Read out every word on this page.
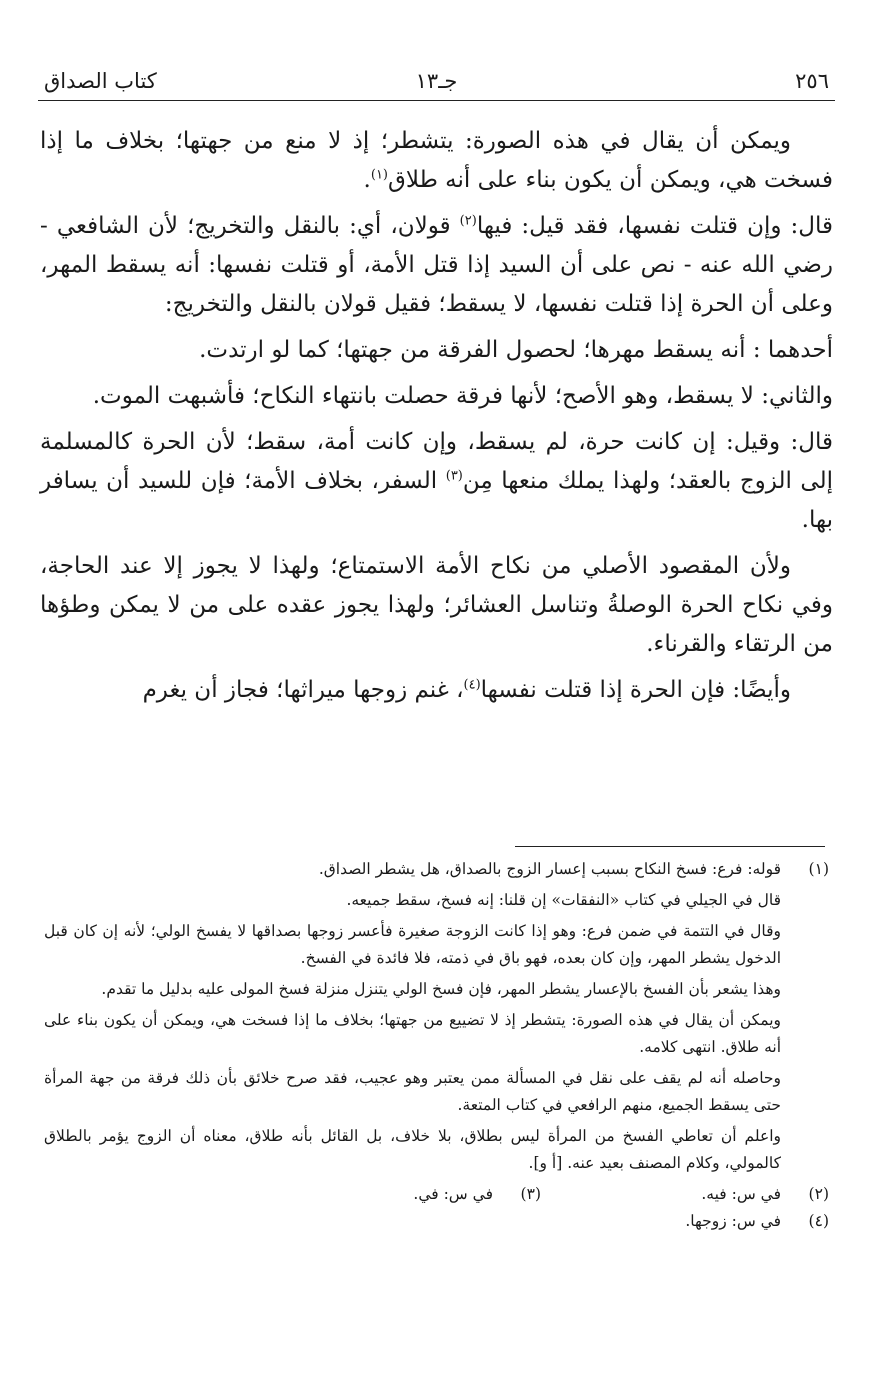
٢٥٦
جـ١٣
كتاب الصداق

ويمكن أن يقال في هذه الصورة: يتشطر؛ إذ لا منع من جهتها؛ بخلاف ما إذا فسخت هي، ويمكن أن يكون بناء على أنه طلاق$^{(١)}$.

قال: وإن قتلت نفسها، فقد قيل: فيها$^{(٢)}$ قولان، أي: بالنقل والتخريج؛ لأن الشافعي - رضي الله عنه - نص على أن السيد إذا قتل الأمة، أو قتلت نفسها: أنه يسقط المهر، وعلى أن الحرة إذا قتلت نفسها، لا يسقط؛ فقيل قولان بالنقل والتخريج:

أحدهما : أنه يسقط مهرها؛ لحصول الفرقة من جهتها؛ كما لو ارتدت.

والثاني: لا يسقط، وهو الأصح؛ لأنها فرقة حصلت بانتهاء النكاح؛ فأشبهت الموت.

قال: وقيل: إن كانت حرة، لم يسقط، وإن كانت أمة، سقط؛ لأن الحرة كالمسلمة إلى الزوج بالعقد؛ ولهذا يملك منعها مِن$^{(٣)}$ السفر، بخلاف الأمة؛ فإن للسيد أن يسافر بها.

ولأن المقصود الأصلي من نكاح الأمة الاستمتاع؛ ولهذا لا يجوز إلا عند الحاجة، وفي نكاح الحرة الوصلةُ وتناسل العشائر؛ ولهذا يجوز عقده على من لا يمكن وطؤها من الرتقاء والقرناء.

وأيضًا: فإن الحرة إذا قتلت نفسها$^{(٤)}$، غنم زوجها ميراثها؛ فجاز أن يغرم

(١)

قوله: فرع: فسخ النكاح بسبب إعسار الزوج بالصداق، هل يشطر الصداق.

قال في الجيلي في كتاب «النفقات» إن قلنا: إنه فسخ، سقط جميعه.

وقال في التتمة في ضمن فرع: وهو إذا كانت الزوجة صغيرة فأعسر زوجها بصداقها لا يفسخ الولي؛ لأنه إن كان قبل الدخول يشطر المهر، وإن كان بعده، فهو باق في ذمته، فلا فائدة في الفسخ.

وهذا يشعر بأن الفسخ بالإعسار يشطر المهر، فإن فسخ الولي يتنزل منزلة فسخ المولى عليه بدليل ما تقدم.

ويمكن أن يقال في هذه الصورة: يتشطر إذ لا تضييع من جهتها؛ بخلاف ما إذا فسخت هي، ويمكن أن يكون بناء على أنه طلاق. انتهى كلامه.

وحاصله أنه لم يقف على نقل في المسألة ممن يعتبر وهو عجيب، فقد صرح خلائق بأن ذلك فرقة من جهة المرأة حتى يسقط الجميع، منهم الرافعي في كتاب المتعة.

واعلم أن تعاطي الفسخ من المرأة ليس بطلاق، بلا خلاف، بل القائل بأنه طلاق، معناه أن الزوج يؤمر بالطلاق كالمولي، وكلام المصنف بعيد عنه. [أ و].

(٢)
في س: فيه.
(٣)
في س: في.
(٤)
في س: زوجها.
